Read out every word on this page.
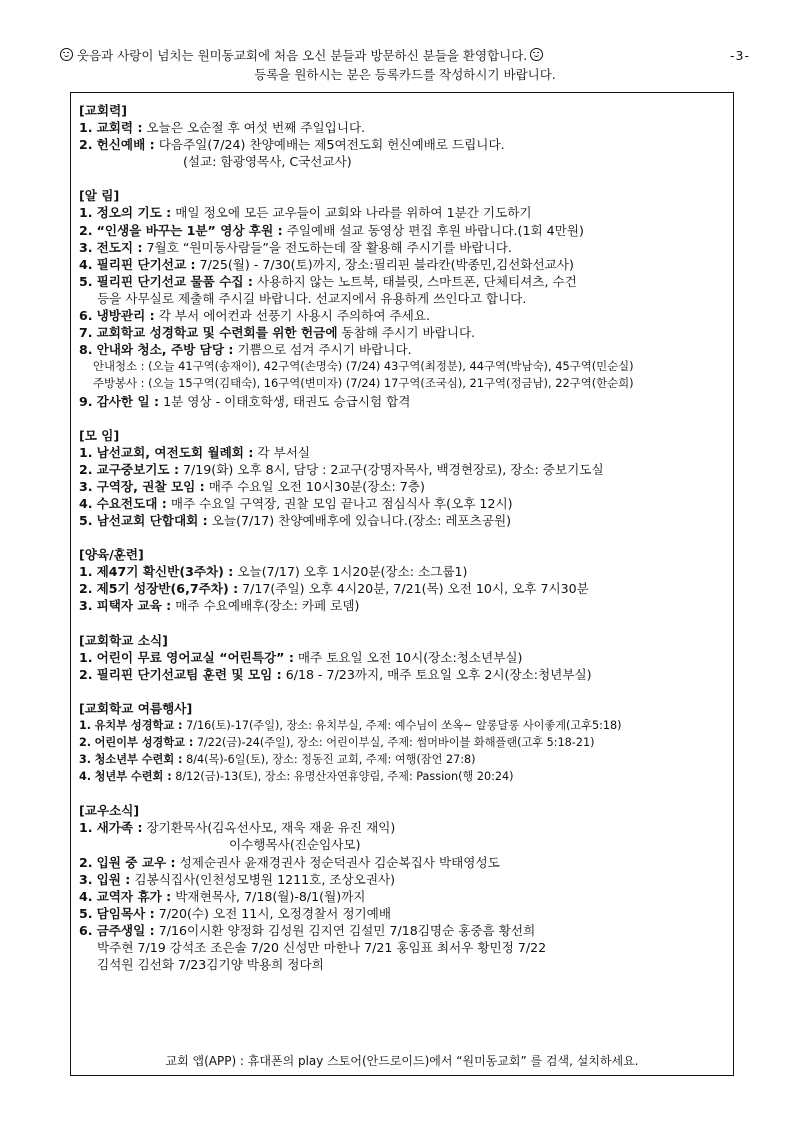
웃음과 사랑이 넘치는 원미동교회에 처음 오신 분들과 방문하신 분들을 환영합니다.	-3-
등록을 원하시는 분은 등록카드를 작성하시기 바랍니다.
[교회력]
1. 교회력 : 오늘은 오순절 후 여섯 번째 주일입니다.
2. 헌신예배 : 다음주일(7/24) 찬양예배는 제5여전도회 헌신예배로 드립니다.
(설교: 함광영목사, C국선교사)
[알 림]
1. 정오의 기도 : 매일 정오에 모든 교우들이 교회와 나라를 위하여 1분간 기도하기
2. “인생을 바꾸는 1분” 영상 후원 : 주일예배 설교 동영상 편집 후원 바랍니다.(1회 4만원)
3. 전도지 : 7월호 “원미동사람들”을 전도하는데 잘 활용해 주시기를 바랍니다.
4. 필리핀 단기선교 : 7/25(월) - 7/30(토)까지, 장소:필리핀 블라칸(박종민,김선화선교사)
5. 필리핀 단기선교 물품 수집 : 사용하지 않는 노트북, 태블릿, 스마트폰, 단체티셔츠, 수건
등을 사무실로 제출해 주시길 바랍니다. 선교지에서 유용하게 쓰인다고 합니다.
6. 냉방관리 : 각 부서 에어컨과 선풍기 사용시 주의하여 주세요.
7. 교회학교 성경학교 및 수련회를 위한 헌금에 동참해 주시기 바랍니다.
8. 안내와 청소, 주방 담당 : 기쁨으로 섬겨 주시기 바랍니다.
안내청소 : (오늘 41구역(송재이), 42구역(손명숙) (7/24) 43구역(최정분), 44구역(박남숙), 45구역(민순실)
주방봉사 : (오늘 15구역(김태숙), 16구역(변미자) (7/24) 17구역(조국심), 21구역(정금남), 22구역(한순희)
9. 감사한 일 : 1분 영상 - 이태호학생, 태권도 승급시험 합격
[모 임]
1. 남선교회, 여전도회 월례회 : 각 부서실
2. 교구중보기도 : 7/19(화) 오후 8시, 담당 : 2교구(강명자목사, 백경현장로), 장소: 중보기도실
3. 구역장, 권찰 모임 : 매주 수요일 오전 10시30분(장소: 7층)
4. 수요전도대 : 매주 수요일 구역장, 권찰 모임 끝나고 점심식사 후(오후 12시)
5. 남선교회 단합대회 : 오늘(7/17) 찬양예배후에 있습니다.(장소: 레포츠공원)
[양육/훈련]
1. 제47기 확신반(3주차) : 오늘(7/17) 오후 1시20분(장소: 소그룹1)
2. 제5기 성장반(6,7주차) : 7/17(주일) 오후 4시20분, 7/21(목) 오전 10시, 오후 7시30분
3. 피택자 교육 : 매주 수요예배후(장소: 카페 로뎀)
[교회학교 소식]
1. 어린이 무료 영어교실 “어린특강” : 매주 토요일 오전 10시(장소:청소년부실)
2. 필리핀 단기선교팀 훈련 및 모임 : 6/18 - 7/23까지, 매주 토요일 오후 2시(장소:청년부실)
[교회학교 여름행사]
1. 유치부 성경학교 : 7/16(토)-17(주일), 장소: 유치부실, 주제: 예수님이 쏘옥~ 알롱달롱 사이좋게(고후5:18)
2. 어린이부 성경학교 : 7/22(금)-24(주일), 장소: 어린이부실, 주제: 썸머바이블 화해플랜(고후 5:18-21)
3. 청소년부 수련회 : 8/4(목)-6일(토), 장소: 정동진 교회, 주제: 여행(잠언 27:8)
4. 청년부 수련회 : 8/12(금)-13(토), 장소: 유명산자연휴양림, 주제: Passion(행 20:24)
[교우소식]
1. 새가족 : 장기환목사(김옥선사모, 재욱 재윤 유진 재익)
이수행목사(진순임사모)
2. 입원 중 교우 : 성제순권사 윤재경권사 정순덕권사 김순복집사 박태영성도
3. 입원 : 김봉식집사(인천성모병원 1211호, 조상오권사)
4. 교역자 휴가 : 박재현목사, 7/18(월)-8/1(월)까지
5. 담임목사 : 7/20(수) 오전 11시, 오정경찰서 정기예배
6. 금주생일 : 7/16이시환 양정화 김성원 김지연 김설민 7/18김명순 홍중흠 황선희
박주현 7/19 강석조 조은솔 7/20 신성만 마한나 7/21 홍임표 최서우 황민정 7/22
김석원 김선화 7/23김기양 박용희 정다희
교회 앱(APP) : 휴대폰의 play 스토어(안드로이드)에서 “원미동교회” 를 검색, 설치하세요.
